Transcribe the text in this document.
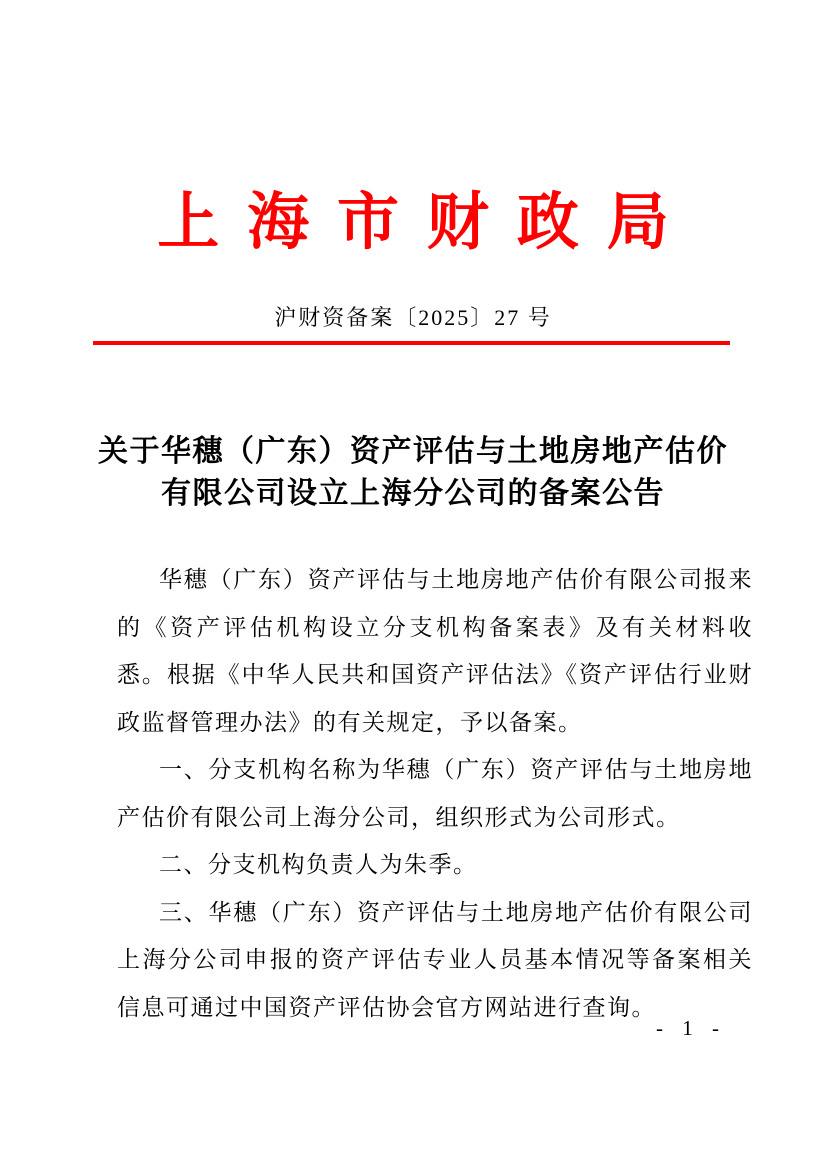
上海市财政局
沪财资备案〔2025〕27 号
关于华穗（广东）资产评估与土地房地产估价
有限公司设立上海分公司的备案公告

华穗（广东）资产评估与土地房地产估价有限公司报来的《资产评估机构设立分支机构备案表》及有关材料收悉。根据《中华人民共和国资产评估法》《资产评估行业财政监督管理办法》的有关规定，予以备案。

一、分支机构名称为华穗（广东）资产评估与土地房地产估价有限公司上海分公司，组织形式为公司形式。

二、分支机构负责人为朱季。

三、华穗（广东）资产评估与土地房地产估价有限公司上海分公司申报的资产评估专业人员基本情况等备案相关信息可通过中国资产评估协会官方网站进行查询。

- 1 -
